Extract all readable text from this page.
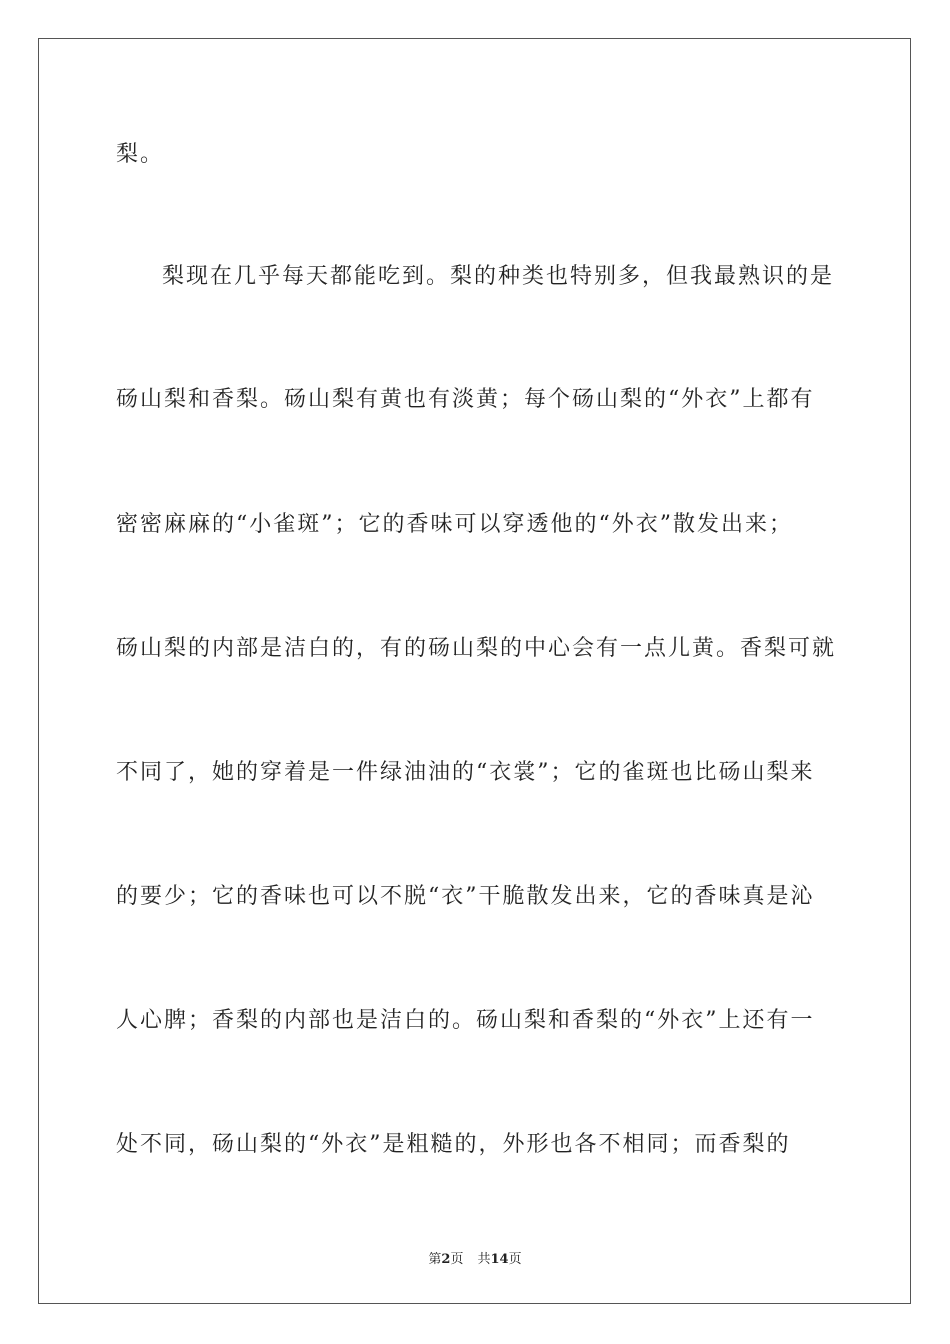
梨。
梨现在几乎每天都能吃到。梨的种类也特别多，但我最熟识的是
砀山梨和香梨。砀山梨有黄也有淡黄；每个砀山梨的“外衣”上都有
密密麻麻的“小雀斑”；它的香味可以穿透他的“外衣”散发出来；
砀山梨的内部是洁白的，有的砀山梨的中心会有一点儿黄。香梨可就
不同了，她的穿着是一件绿油油的“衣裳”；它的雀斑也比砀山梨来
的要少；它的香味也可以不脱“衣”干脆散发出来，它的香味真是沁
人心脾；香梨的内部也是洁白的。砀山梨和香梨的“外衣”上还有一
处不同，砀山梨的“外衣”是粗糙的，外形也各不相同；而香梨的
第2页 共14页
